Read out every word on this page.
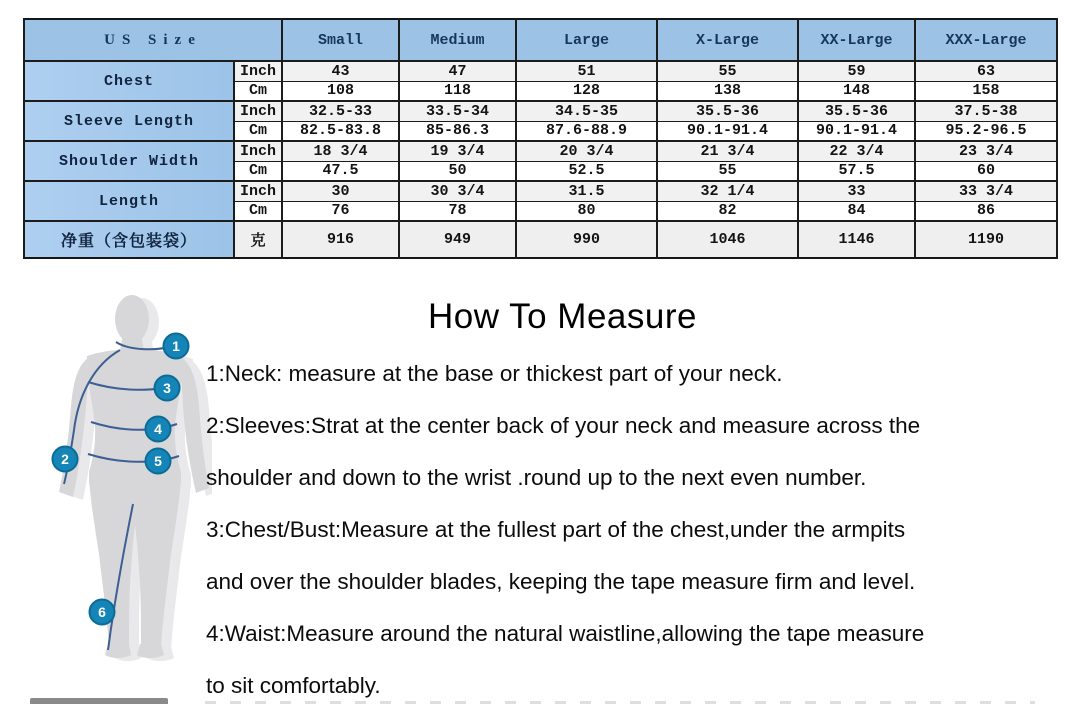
US Size		Small	Medium	Large	X-Large	XX-Large	XXX-Large
Chest	Inch	43	47	51	55	59	63
	Cm	108	118	128	138	148	158
Sleeve Length	Inch	32.5-33	33.5-34	34.5-35	35.5-36	35.5-36	37.5-38
	Cm	82.5-83.8	85-86.3	87.6-88.9	90.1-91.4	90.1-91.4	95.2-96.5
Shoulder Width	Inch	18 3/4	19 3/4	20 3/4	21 3/4	22 3/4	23 3/4
	Cm	47.5	50	52.5	55	57.5	60
Length	Inch	30	30 3/4	31.5	32 1/4	33	33 3/4
	Cm	76	78	80	82	84	86
净重（含包装袋）	克	916	949	990	1046	1146	1190
1
2
3
4
5
6
How To Measure
1:Neck: measure at the base or thickest part of your neck.
2:Sleeves:Strat at the center back of your neck and measure across the
shoulder and down to the wrist .round up to the next even number.
3:Chest/Bust:Measure at the fullest part of the chest,under the armpits
and over the shoulder blades, keeping the tape measure firm and level.
4:Waist:Measure around the natural waistline,allowing the tape measure
to sit comfortably.
